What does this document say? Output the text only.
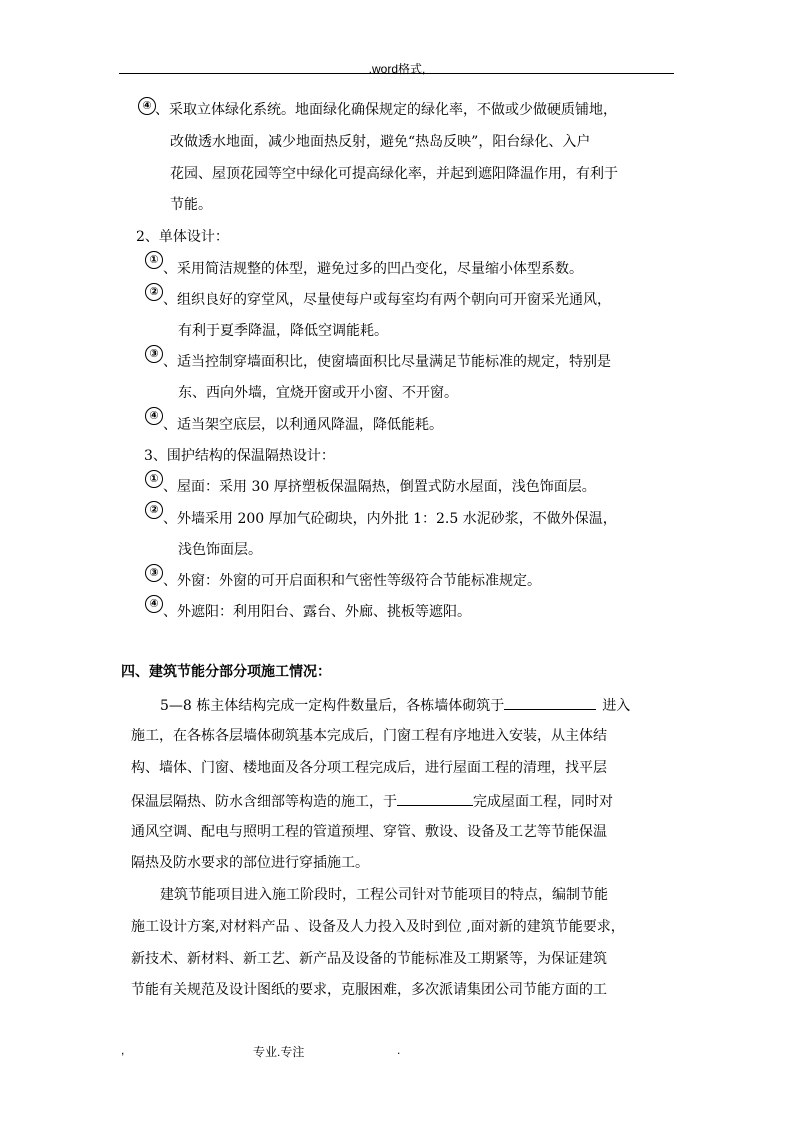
.word格式,
④ 、采取立体绿化系统。地面绿化确保规定的绿化率，不做或少做硬质铺地，
改做透水地面，减少地面热反射，避免“热岛反映”，阳台绿化、入户
花园、屋顶花园等空中绿化可提高绿化率，并起到遮阳降温作用，有利于
节能。
2、单体设计：
①
、采用简洁规整的体型，避免过多的凹凸变化，尽量缩小体型系数。
②
、组织良好的穿堂风，尽量使每户或每室均有两个朝向可开窗采光通风，
有利于夏季降温，降低空调能耗。
③
、适当控制穿墙面积比，使窗墙面积比尽量满足节能标准的规定，特别是
东、西向外墙，宜烧开窗或开小窗、不开窗。
④
、适当架空底层，以利通风降温，降低能耗。
3、围护结构的保温隔热设计：
①
、屋面：采用 30 厚挤塑板保温隔热，倒置式防水屋面，浅色饰面层。
②
、外墙采用 200 厚加气砼砌块，内外批 1：2.5 水泥砂浆，不做外保温，
浅色饰面层。
③
、外窗：外窗的可开启面积和气密性等级符合节能标准规定。
④
、外遮阳：利用阳台、露台、外廊、挑板等遮阳。
四、建筑节能分部分项施工情况：
5—8 栋主体结构完成一定构件数量后，各栋墙体砌筑于	进入
施工，在各栋各层墙体砌筑基本完成后，门窗工程有序地进入安装，从主体结
构、墙体、门窗、楼地面及各分项工程完成后，进行屋面工程的清理，找平层
保温层隔热、防水含细部等构造的施工，于	完成屋面工程，同时对
通风空调、配电与照明工程的管道预埋、穿管、敷设、设备及工艺等节能保温
隔热及防水要求的部位进行穿插施工。
建筑节能项目进入施工阶段时，工程公司针对节能项目的特点，编制节能
施工设计方案,对材料产品 、设备及人力投入及时到位 ,面对新的建筑节能要求，
新技术、新材料、新工艺、新产品及设备的节能标准及工期紧等，为保证建筑
节能有关规范及设计图纸的要求，克服困难，多次派请集团公司节能方面的工
,	专业.专注	.
